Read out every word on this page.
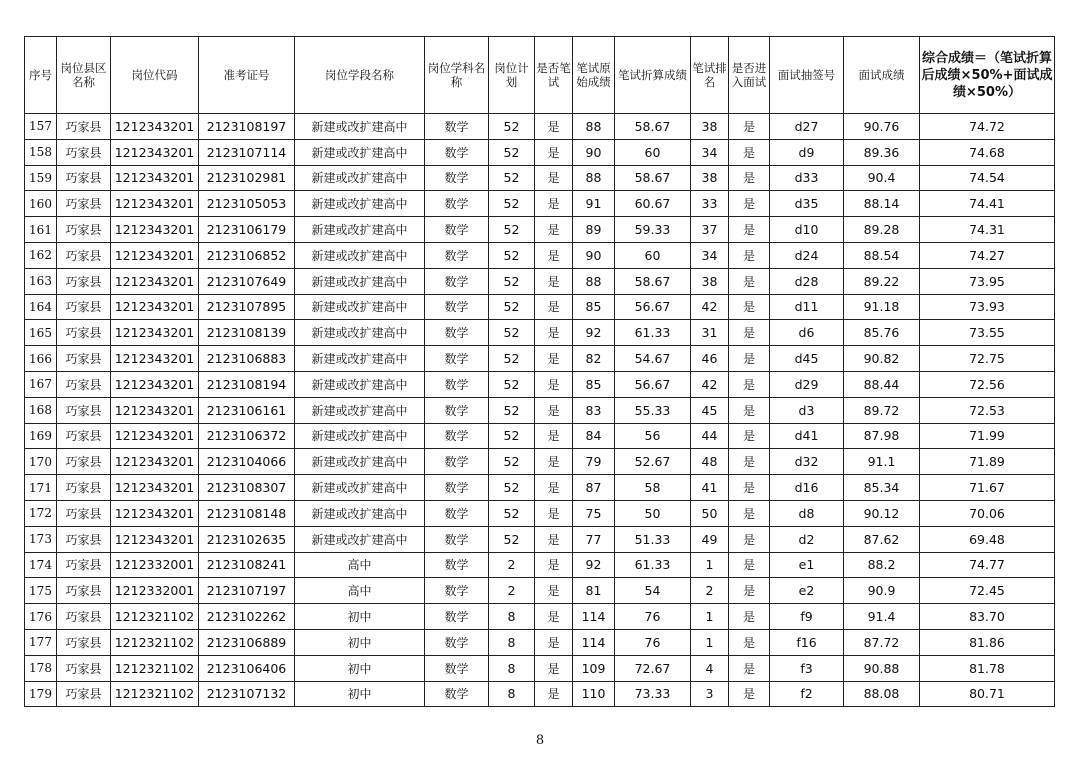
序号	岗位县区名称	岗位代码	准考证号	岗位学段名称	岗位学科名称	岗位计划	是否笔试	笔试原始成绩	笔试折算成绩	笔试排名	是否进入面试	面试抽签号	面试成绩	综合成绩＝（笔试折算后成绩×50%+面试成绩×50%）
157	巧家县	1212343201	2123108197	新建或改扩建高中	数学	52	是	88	58.67	38	是	d27	90.76	74.72
158	巧家县	1212343201	2123107114	新建或改扩建高中	数学	52	是	90	60	34	是	d9	89.36	74.68
159	巧家县	1212343201	2123102981	新建或改扩建高中	数学	52	是	88	58.67	38	是	d33	90.4	74.54
160	巧家县	1212343201	2123105053	新建或改扩建高中	数学	52	是	91	60.67	33	是	d35	88.14	74.41
161	巧家县	1212343201	2123106179	新建或改扩建高中	数学	52	是	89	59.33	37	是	d10	89.28	74.31
162	巧家县	1212343201	2123106852	新建或改扩建高中	数学	52	是	90	60	34	是	d24	88.54	74.27
163	巧家县	1212343201	2123107649	新建或改扩建高中	数学	52	是	88	58.67	38	是	d28	89.22	73.95
164	巧家县	1212343201	2123107895	新建或改扩建高中	数学	52	是	85	56.67	42	是	d11	91.18	73.93
165	巧家县	1212343201	2123108139	新建或改扩建高中	数学	52	是	92	61.33	31	是	d6	85.76	73.55
166	巧家县	1212343201	2123106883	新建或改扩建高中	数学	52	是	82	54.67	46	是	d45	90.82	72.75
167	巧家县	1212343201	2123108194	新建或改扩建高中	数学	52	是	85	56.67	42	是	d29	88.44	72.56
168	巧家县	1212343201	2123106161	新建或改扩建高中	数学	52	是	83	55.33	45	是	d3	89.72	72.53
169	巧家县	1212343201	2123106372	新建或改扩建高中	数学	52	是	84	56	44	是	d41	87.98	71.99
170	巧家县	1212343201	2123104066	新建或改扩建高中	数学	52	是	79	52.67	48	是	d32	91.1	71.89
171	巧家县	1212343201	2123108307	新建或改扩建高中	数学	52	是	87	58	41	是	d16	85.34	71.67
172	巧家县	1212343201	2123108148	新建或改扩建高中	数学	52	是	75	50	50	是	d8	90.12	70.06
173	巧家县	1212343201	2123102635	新建或改扩建高中	数学	52	是	77	51.33	49	是	d2	87.62	69.48
174	巧家县	1212332001	2123108241	高中	数学	2	是	92	61.33	1	是	e1	88.2	74.77
175	巧家县	1212332001	2123107197	高中	数学	2	是	81	54	2	是	e2	90.9	72.45
176	巧家县	1212321102	2123102262	初中	数学	8	是	114	76	1	是	f9	91.4	83.70
177	巧家县	1212321102	2123106889	初中	数学	8	是	114	76	1	是	f16	87.72	81.86
178	巧家县	1212321102	2123106406	初中	数学	8	是	109	72.67	4	是	f3	90.88	81.78
179	巧家县	1212321102	2123107132	初中	数学	8	是	110	73.33	3	是	f2	88.08	80.71
8
